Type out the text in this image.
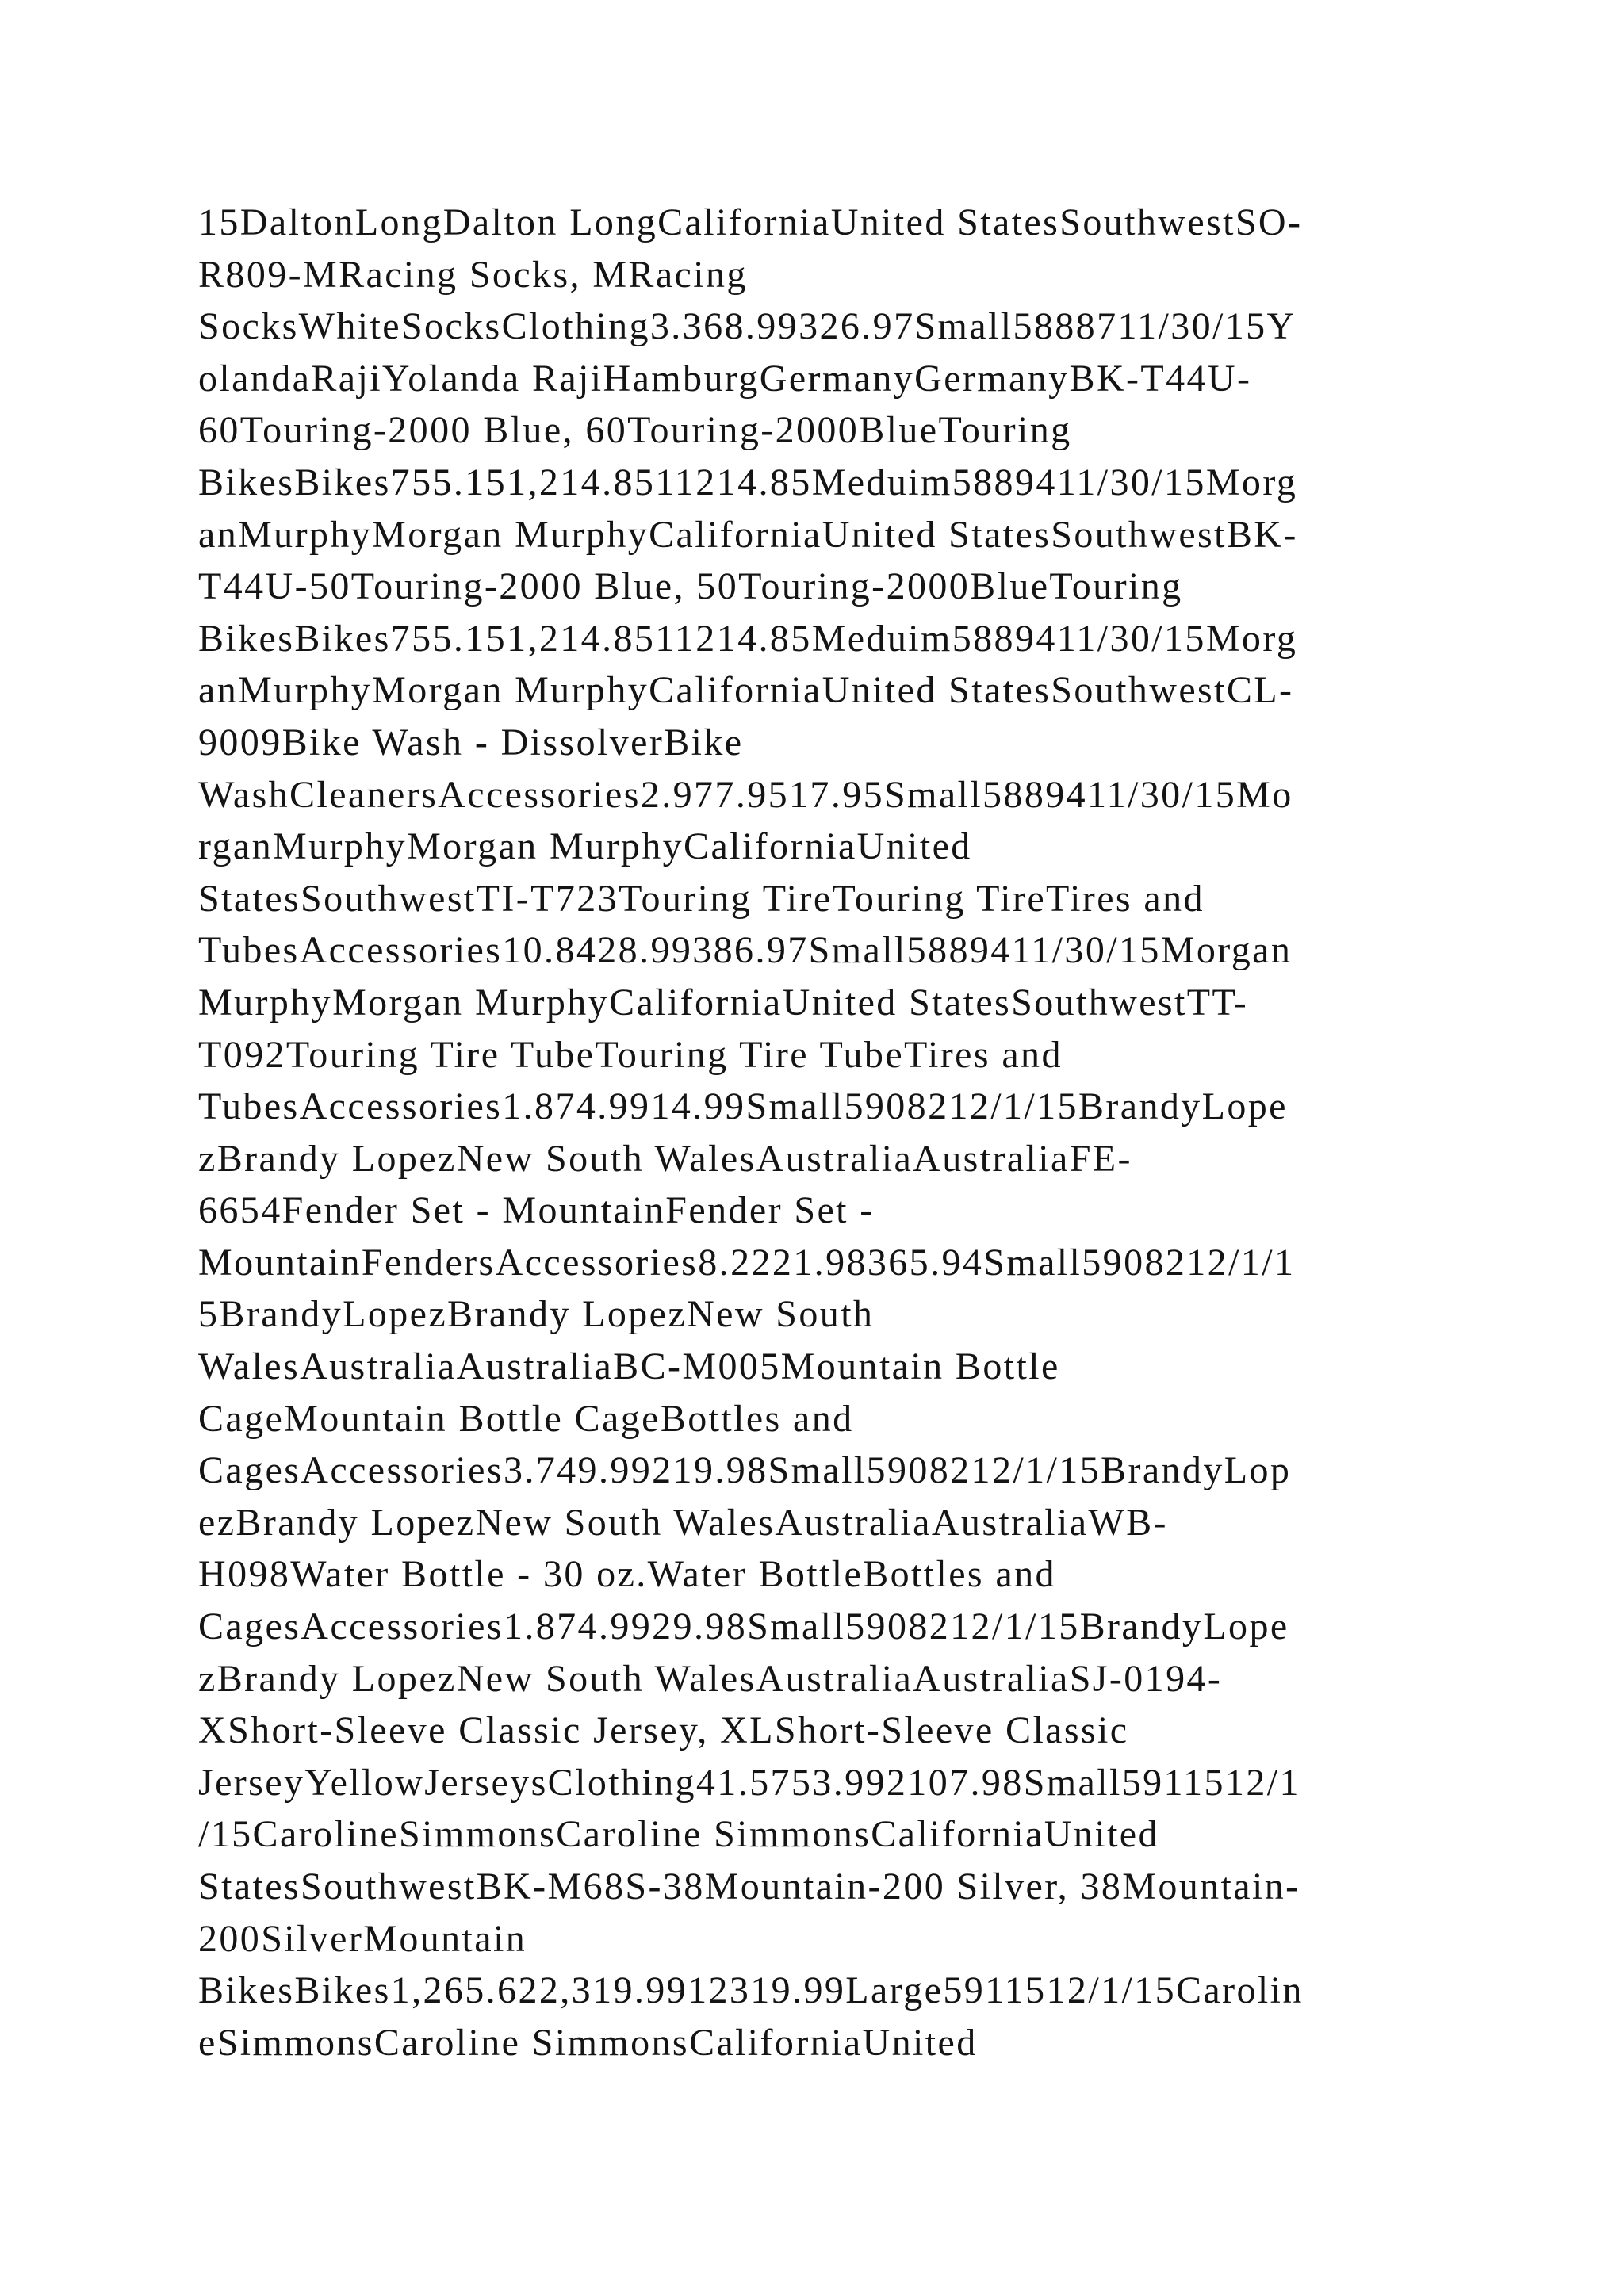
15DaltonLongDalton LongCaliforniaUnited StatesSouthwestSO-
R809-MRacing Socks, MRacing
SocksWhiteSocksClothing3.368.99326.97Small5888711/30/15Y
olandaRajiYolanda RajiHamburgGermanyGermanyBK-T44U-
60Touring-2000 Blue, 60Touring-2000BlueTouring
BikesBikes755.151,214.8511214.85Meduim5889411/30/15Morg
anMurphyMorgan MurphyCaliforniaUnited StatesSouthwestBK-
T44U-50Touring-2000 Blue, 50Touring-2000BlueTouring
BikesBikes755.151,214.8511214.85Meduim5889411/30/15Morg
anMurphyMorgan MurphyCaliforniaUnited StatesSouthwestCL-
9009Bike Wash - DissolverBike
WashCleanersAccessories2.977.9517.95Small5889411/30/15Mo
rganMurphyMorgan MurphyCaliforniaUnited
StatesSouthwestTI-T723Touring TireTouring TireTires and
TubesAccessories10.8428.99386.97Small5889411/30/15Morgan
MurphyMorgan MurphyCaliforniaUnited StatesSouthwestTT-
T092Touring Tire TubeTouring Tire TubeTires and
TubesAccessories1.874.9914.99Small5908212/1/15BrandyLope
zBrandy LopezNew South WalesAustraliaAustraliaFE-
6654Fender Set - MountainFender Set -
MountainFendersAccessories8.2221.98365.94Small5908212/1/1
5BrandyLopezBrandy LopezNew South
WalesAustraliaAustraliaBC-M005Mountain Bottle
CageMountain Bottle CageBottles and
CagesAccessories3.749.99219.98Small5908212/1/15BrandyLop
ezBrandy LopezNew South WalesAustraliaAustraliaWB-
H098Water Bottle - 30 oz.Water BottleBottles and
CagesAccessories1.874.9929.98Small5908212/1/15BrandyLope
zBrandy LopezNew South WalesAustraliaAustraliaSJ-0194-
XShort-Sleeve Classic Jersey, XLShort-Sleeve Classic
JerseyYellowJerseysClothing41.5753.992107.98Small5911512/1
/15CarolineSimmonsCaroline SimmonsCaliforniaUnited
StatesSouthwestBK-M68S-38Mountain-200 Silver, 38Mountain-
200SilverMountain
BikesBikes1,265.622,319.9912319.99Large5911512/1/15Carolin
eSimmonsCaroline SimmonsCaliforniaUnited
